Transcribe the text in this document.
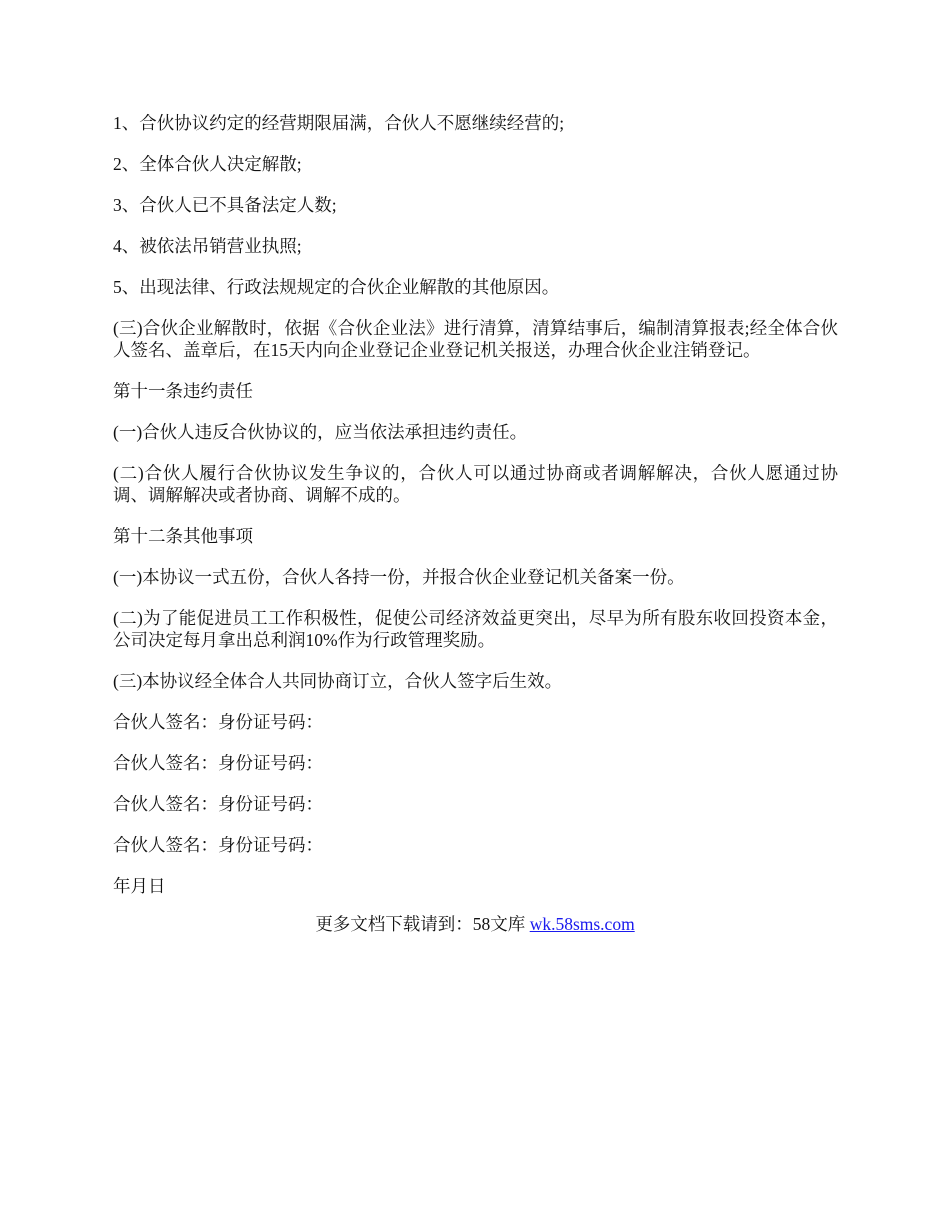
1、合伙协议约定的经营期限届满，合伙人不愿继续经营的;

2、全体合伙人决定解散;

3、合伙人已不具备法定人数;

4、被依法吊销营业执照;

5、出现法律、行政法规规定的合伙企业解散的其他原因。

(三)合伙企业解散时，依据《合伙企业法》进行清算，清算结事后，编制清算报表;经全体合伙人签名、盖章后，在15天内向企业登记企业登记机关报送，办理合伙企业注销登记。

第十一条违约责任

(一)合伙人违反合伙协议的，应当依法承担违约责任。

(二)合伙人履行合伙协议发生争议的，合伙人可以通过协商或者调解解决，合伙人愿通过协调、调解解决或者协商、调解不成的。

第十二条其他事项

(一)本协议一式五份，合伙人各持一份，并报合伙企业登记机关备案一份。

(二)为了能促进员工工作积极性，促使公司经济效益更突出，尽早为所有股东收回投资本金，公司决定每月拿出总利润10%作为行政管理奖励。

(三)本协议经全体合人共同协商订立，合伙人签字后生效。

合伙人签名：身份证号码：

合伙人签名：身份证号码：

合伙人签名：身份证号码：

合伙人签名：身份证号码：

年月日

更多文档下载请到：58文库 wk.58sms.com
